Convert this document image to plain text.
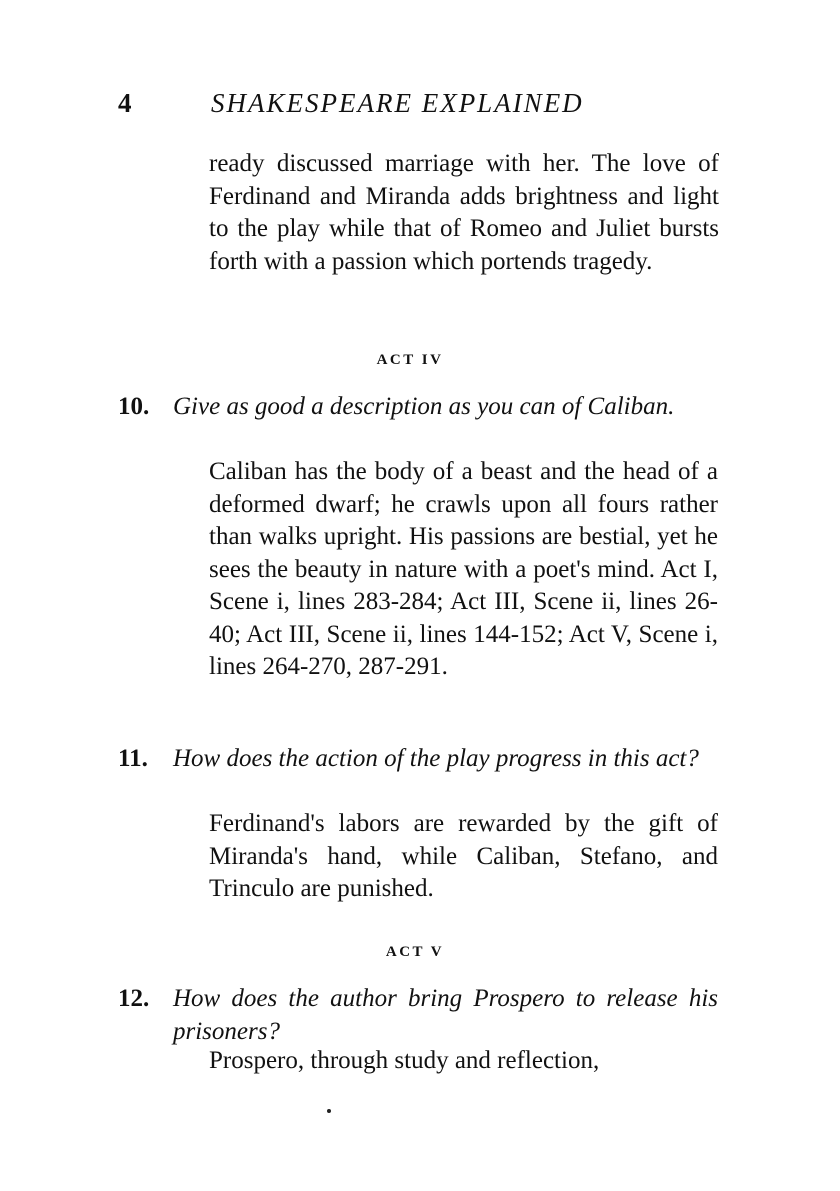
4	SHAKESPEARE EXPLAINED
ready discussed marriage with her. The love of Ferdinand and Miranda adds brightness and light to the play while that of Romeo and Juliet bursts forth with a passion which portends tragedy.
ACT IV
10. Give as good a description as you can of Caliban.
Caliban has the body of a beast and the head of a deformed dwarf; he crawls upon all fours rather than walks upright. His passions are bestial, yet he sees the beauty in nature with a poet's mind. Act I, Scene i, lines 283-284; Act III, Scene ii, lines 26-40; Act III, Scene ii, lines 144-152; Act V, Scene i, lines 264-270, 287-291.
11. How does the action of the play progress in this act?
Ferdinand's labors are rewarded by the gift of Miranda's hand, while Caliban, Stefano, and Trinculo are punished.
ACT V
12. How does the author bring Prospero to release his prisoners?
Prospero, through study and reflection,
